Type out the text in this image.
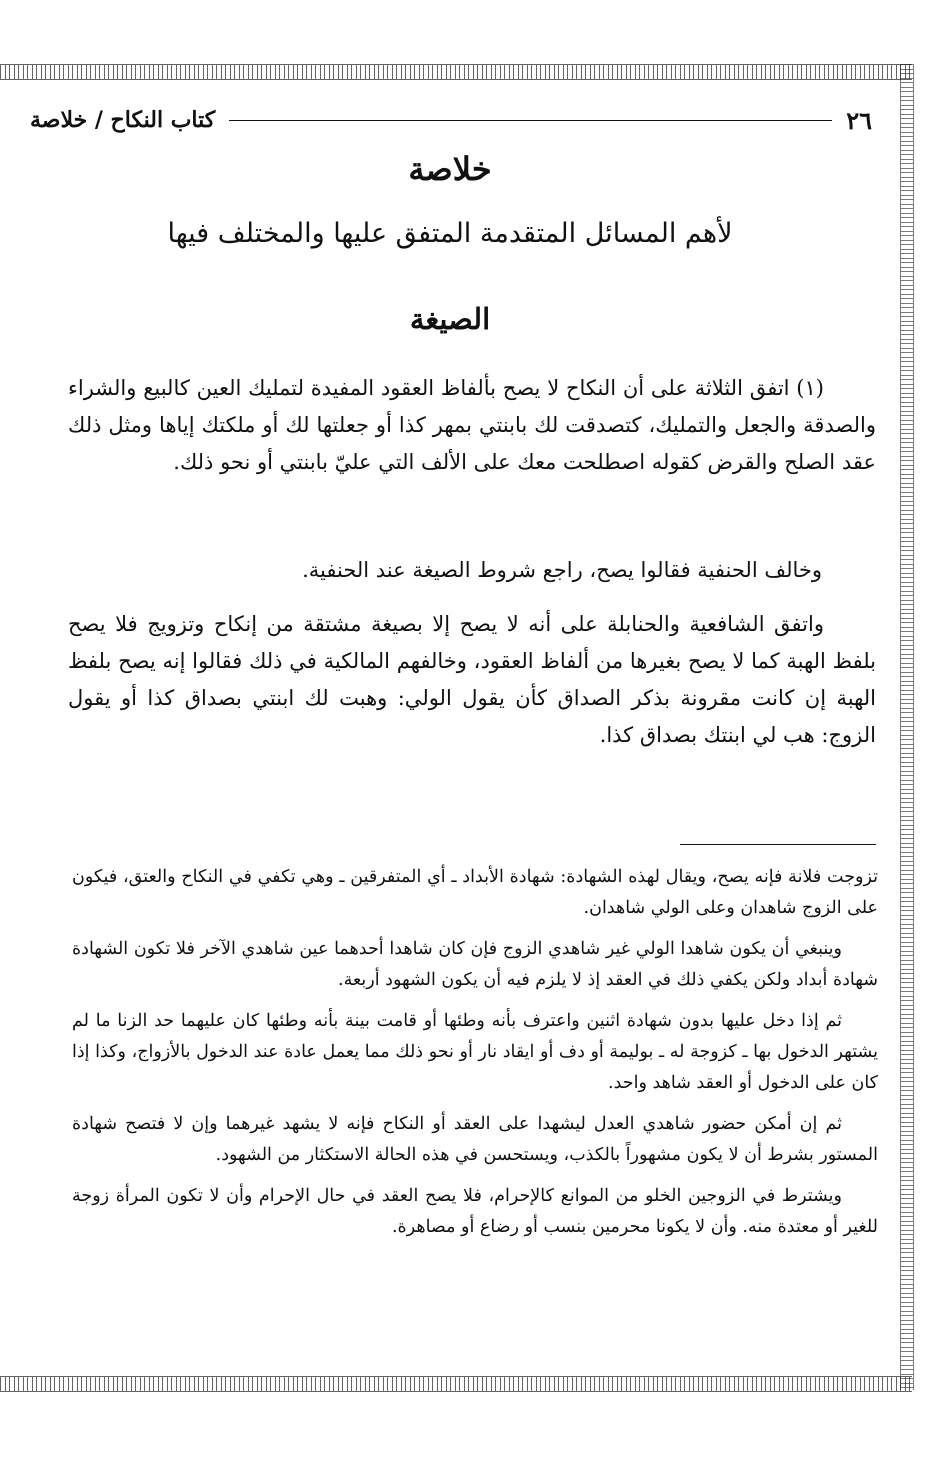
٢٦
كتاب النكاح / خلاصة
خلاصة
لأهم المسائل المتقدمة المتفق عليها والمختلف فيها
الصيغة
(١) اتفق الثلاثة على أن النكاح لا يصح بألفاظ العقود المفيدة لتمليك العين كالبيع والشراء والصدقة والجعل والتمليك، كتصدقت لك بابنتي بمهر كذا أو جعلتها لك أو ملكتك إياها ومثل ذلك عقد الصلح والقرض كقوله اصطلحت معك على الألف التي عليّ بابنتي أو نحو ذلك.
وخالف الحنفية فقالوا يصح، راجع شروط الصيغة عند الحنفية.
واتفق الشافعية والحنابلة على أنه لا يصح إلا بصيغة مشتقة من إنكاح وتزويج فلا يصح بلفظ الهبة كما لا يصح بغيرها من ألفاظ العقود، وخالفهم المالكية في ذلك فقالوا إنه يصح بلفظ الهبة إن كانت مقرونة بذكر الصداق كأن يقول الولي: وهبت لك ابنتي بصداق كذا أو يقول الزوج: هب لي ابنتك بصداق كذا.

تزوجت فلانة فإنه يصح، ويقال لهذه الشهادة: شهادة الأبداد ـ أي المتفرقين ـ وهي تكفي في النكاح والعتق، فيكون على الزوج شاهدان وعلى الولي شاهدان.

وينبغي أن يكون شاهدا الولي غير شاهدي الزوج فإن كان شاهدا أحدهما عين شاهدي الآخر فلا تكون الشهادة شهادة أبداد ولكن يكفي ذلك في العقد إذ لا يلزم فيه أن يكون الشهود أربعة.

ثم إذا دخل عليها بدون شهادة اثنين واعترف بأنه وطئها أو قامت بينة بأنه وطئها كان عليهما حد الزنا ما لم يشتهر الدخول بها ـ كزوجة له ـ بوليمة أو دف أو ايقاد نار أو نحو ذلك مما يعمل عادة عند الدخول بالأزواج، وكذا إذا كان على الدخول أو العقد شاهد واحد.

ثم إن أمكن حضور شاهدي العدل ليشهدا على العقد أو النكاح فإنه لا يشهد غيرهما وإن لا فتصح شهادة المستور بشرط أن لا يكون مشهوراً بالكذب، ويستحسن في هذه الحالة الاستكثار من الشهود.

ويشترط في الزوجين الخلو من الموانع كالإحرام، فلا يصح العقد في حال الإحرام وأن لا تكون المرأة زوجة للغير أو معتدة منه. وأن لا يكونا محرمين بنسب أو رضاع أو مصاهرة.
